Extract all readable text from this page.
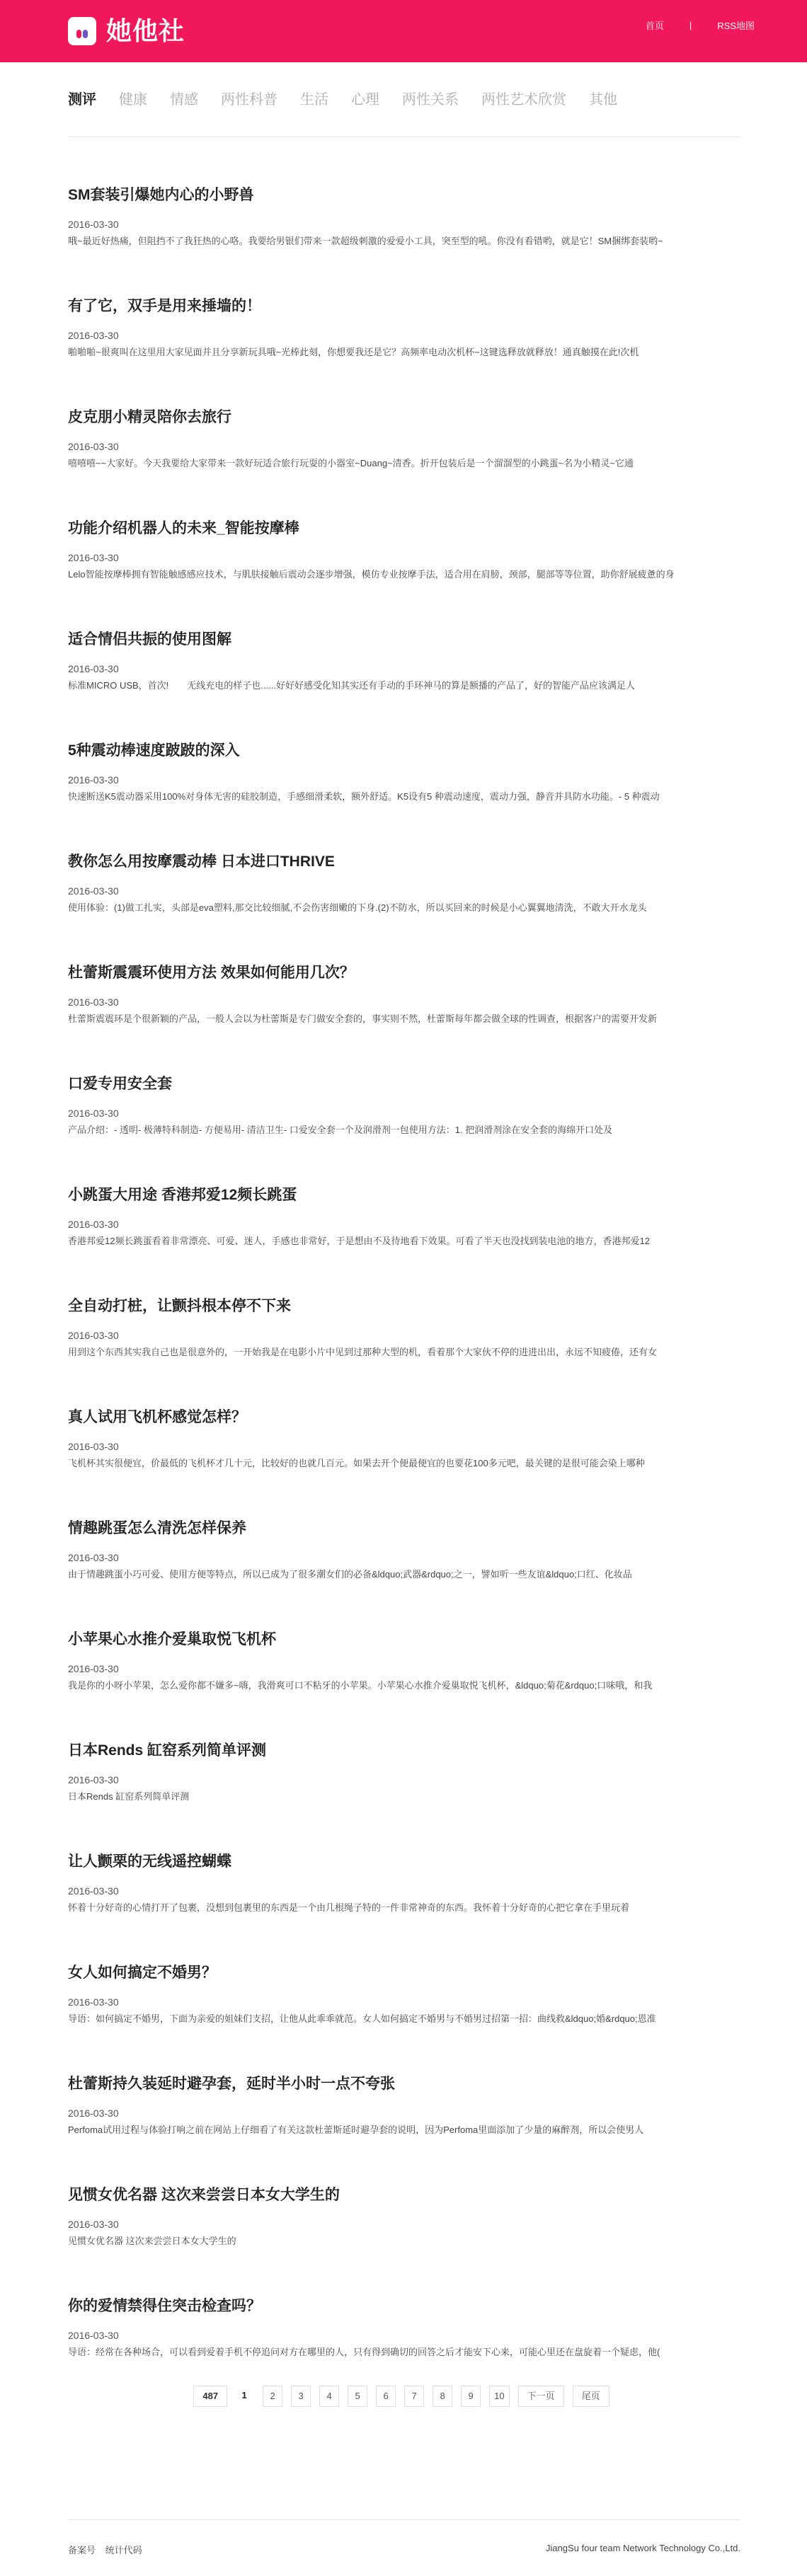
她他社	首页	|	RSS地图
测评 健康 情感 两性科普 生活 心理 两性关系 两性艺术欣赏 其他
SM套装引爆她内心的小野兽
2016-03-30
哦~最近好热痛，但阻挡不了我狂热的心咯。我要给男银们带来一款超级刺激的爱爱小工具，突至型的吼。你没有看错哟，就是它！SM捆绑套装哟~
有了它，双手是用来捶墙的！
2016-03-30
啪啪啪~很爽叫在这里用大家见面并且分享新玩具哦~光棒此刻，你想要我还是它？高频率电动次机杯~这键选释放就释放！通真触摸在此!次机
皮克朋小精灵陪你去旅行
2016-03-30
嘻嘻嘻~~大家好。今天我要给大家带来一款好玩适合旅行玩耍的小器室~Duang~清香。折开包装后是一个溜溜型的小跳蛋~名为小精灵~它通
功能介绍机器人的未来_智能按摩棒
2016-03-30
Lelo智能按摩棒拥有智能触感感应技术，与肌肤接触后震动会逐步增强，模仿专业按摩手法，适合用在肩膀，颈部，腿部等等位置，助你舒展疲惫的身
适合情侣共振的使用图解
2016-03-30
标准MICRO USB，首次!　　无线充电的样子也......好好好感受化知其实还有手动的手环神马的算是额播的产品了，好的智能产品应该满足人
5种震动棒速度跛跛的深入
2016-03-30
快速断送K5震动器采用100%对身体无害的硅胶制造，手感细滑柔软，额外舒适。K5设有5 种震动速度，震动力强，静音并具防水功能。- 5 种震动
教你怎么用按摩震动棒 日本进口THRIVE
2016-03-30
使用体验：(1)做工扎实，头部是eva塑料,那交比较细腻,不会伤害细嫩的下身.(2)不防水，所以买回来的时候是小心翼翼地清洗，不敢大开水龙头
杜蕾斯震震环使用方法 效果如何能用几次？
2016-03-30
杜蕾斯震震环是个很新颖的产品，一般人会以为杜蕾斯是专门做安全套的，事实则不然，杜蕾斯每年都会做全球的性调查，根据客户的需要开发新
口爱专用安全套
2016-03-30
产品介绍：- 透明- 极薄特科制造- 方便易用- 清洁卫生- 口爱安全套一个及润滑剂一包使用方法：1. 把润滑剂涂在安全套的海绵开口处及
小跳蛋大用途 香港邦爱12频长跳蛋
2016-03-30
香港邦爱12频长跳蛋看着非常漂亮、可爱、迷人，手感也非常好，于是想由不及待地看下效果。可看了半天也没找到装电池的地方，香港邦爱12
全自动打桩，让颤抖根本停不下来
2016-03-30
用到这个东西其实我自己也是很意外的，一开始我是在电影小片中见到过那种大型的机，看着那个大家伙不停的进进出出，永远不知疲倦，还有女
真人试用飞机杯感觉怎样？
2016-03-30
飞机杯其实很便宜，价最低的飞机杯才几十元，比较好的也就几百元。如果去开个便最便宜的也要花100多元吧，最关键的是很可能会染上哪种
情趣跳蛋怎么清洗怎样保养
2016-03-30
由于情趣跳蛋小巧可爱、使用方便等特点，所以已成为了很多潮女们的必备&ldquo;武器&rdquo;之一，譬如听一些友谊&ldquo;口红、化妆品
小苹果心水推介爱巢取悦飞机杯
2016-03-30
我是你的小呀小苹果，怎么爱你都不嫌多~嗨，我滑爽可口不粘牙的小苹果。小苹果心水推介爱巢取悦飞机杯，&ldquo;菊花&rdquo;口味哦，和我
日本Rends 缸窑系列简单评测
2016-03-30
日本Rends 缸窑系列简单评测
让人颤栗的无线遥控蝴蝶
2016-03-30
怀着十分好奇的心情打开了包裹，没想到包裹里的东西是一个由几根绳子特的一件非常神奇的东西。我怀着十分好奇的心把它拿在手里玩着
女人如何搞定不婚男？
2016-03-30
导语：如何搞定不婚男，下面为亲爱的姐妹们支招，让他从此乖乖就范。女人如何搞定不婚男与不婚男过招第一招：曲线救&ldquo;婚&rdquo;恩准
杜蕾斯持久装延时避孕套，延时半小时一点不夸张
2016-03-30
Perfoma试用过程与体验打响之前在网站上仔细看了有关这款杜蕾斯延时避孕套的说明，因为Perfoma里面添加了少量的麻醉剂，所以会使男人
见惯女优名器 这次来尝尝日本女大学生的
2016-03-30
见惯女优名器 这次来尝尝日本女大学生的
你的爱情禁得住突击检查吗？
2016-03-30
导语：经常在各种场合，可以看到爱着手机不停追问对方在哪里的人，只有得到确切的回答之后才能安下心来，可能心里还在盘旋着一个疑虑，他(
487	1	2	3	4	5	6	7	8	9	10	下一页	尾页
备案号 统计代码	JiangSu four team Network Technology Co.,Ltd.
